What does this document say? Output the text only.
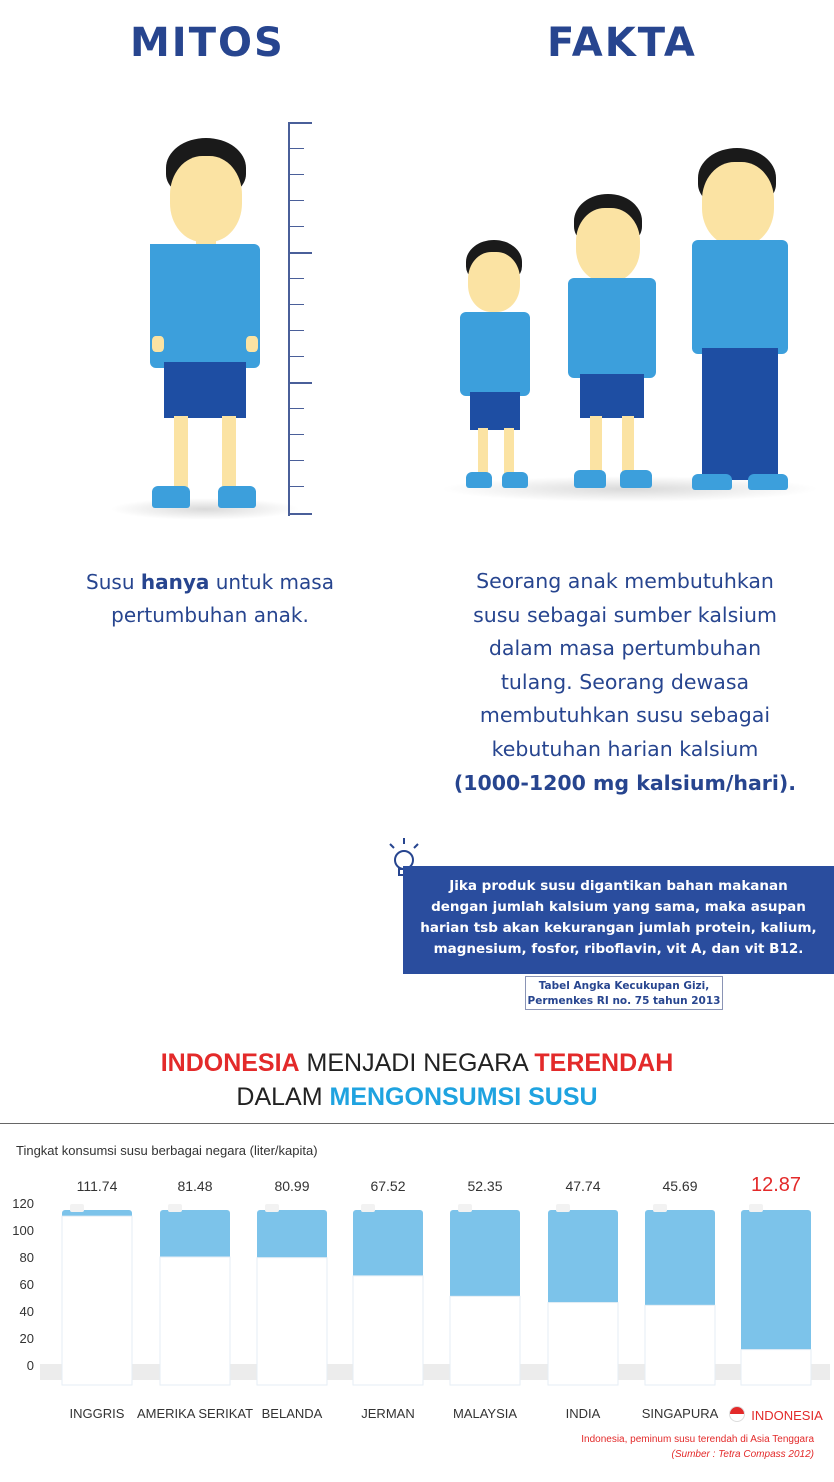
MITOS	FAKTA
Susu hanya untuk masa
pertumbuhan anak.
Seorang anak membutuhkan
susu sebagai sumber kalsium
dalam masa pertumbuhan
tulang. Seorang dewasa
membutuhkan susu sebagai
kebutuhan harian kalsium
(1000-1200 mg kalsium/hari).
Jika produk susu digantikan bahan makanan
dengan jumlah kalsium yang sama, maka asupan
harian tsb akan kekurangan jumlah protein, kalium,
magnesium, fosfor, riboflavin, vit A, dan vit B12.
Tabel Angka Kecukupan Gizi,
Permenkes RI no. 75 tahun 2013
INDONESIA MENJADI NEGARA TERENDAH
DALAM MENGONSUMSI SUSU
Tingkat konsumsi susu berbagai negara (liter/kapita)
120
100
80
60
40
20
0
111.74
INGGRIS
81.48
AMERIKA SERIKAT
80.99
BELANDA
67.52
JERMAN
52.35
MALAYSIA
47.74
INDIA
45.69
SINGAPURA
12.87
INDONESIA
Indonesia, peminum susu terendah di Asia Tenggara
(Sumber : Tetra Compass 2012)
